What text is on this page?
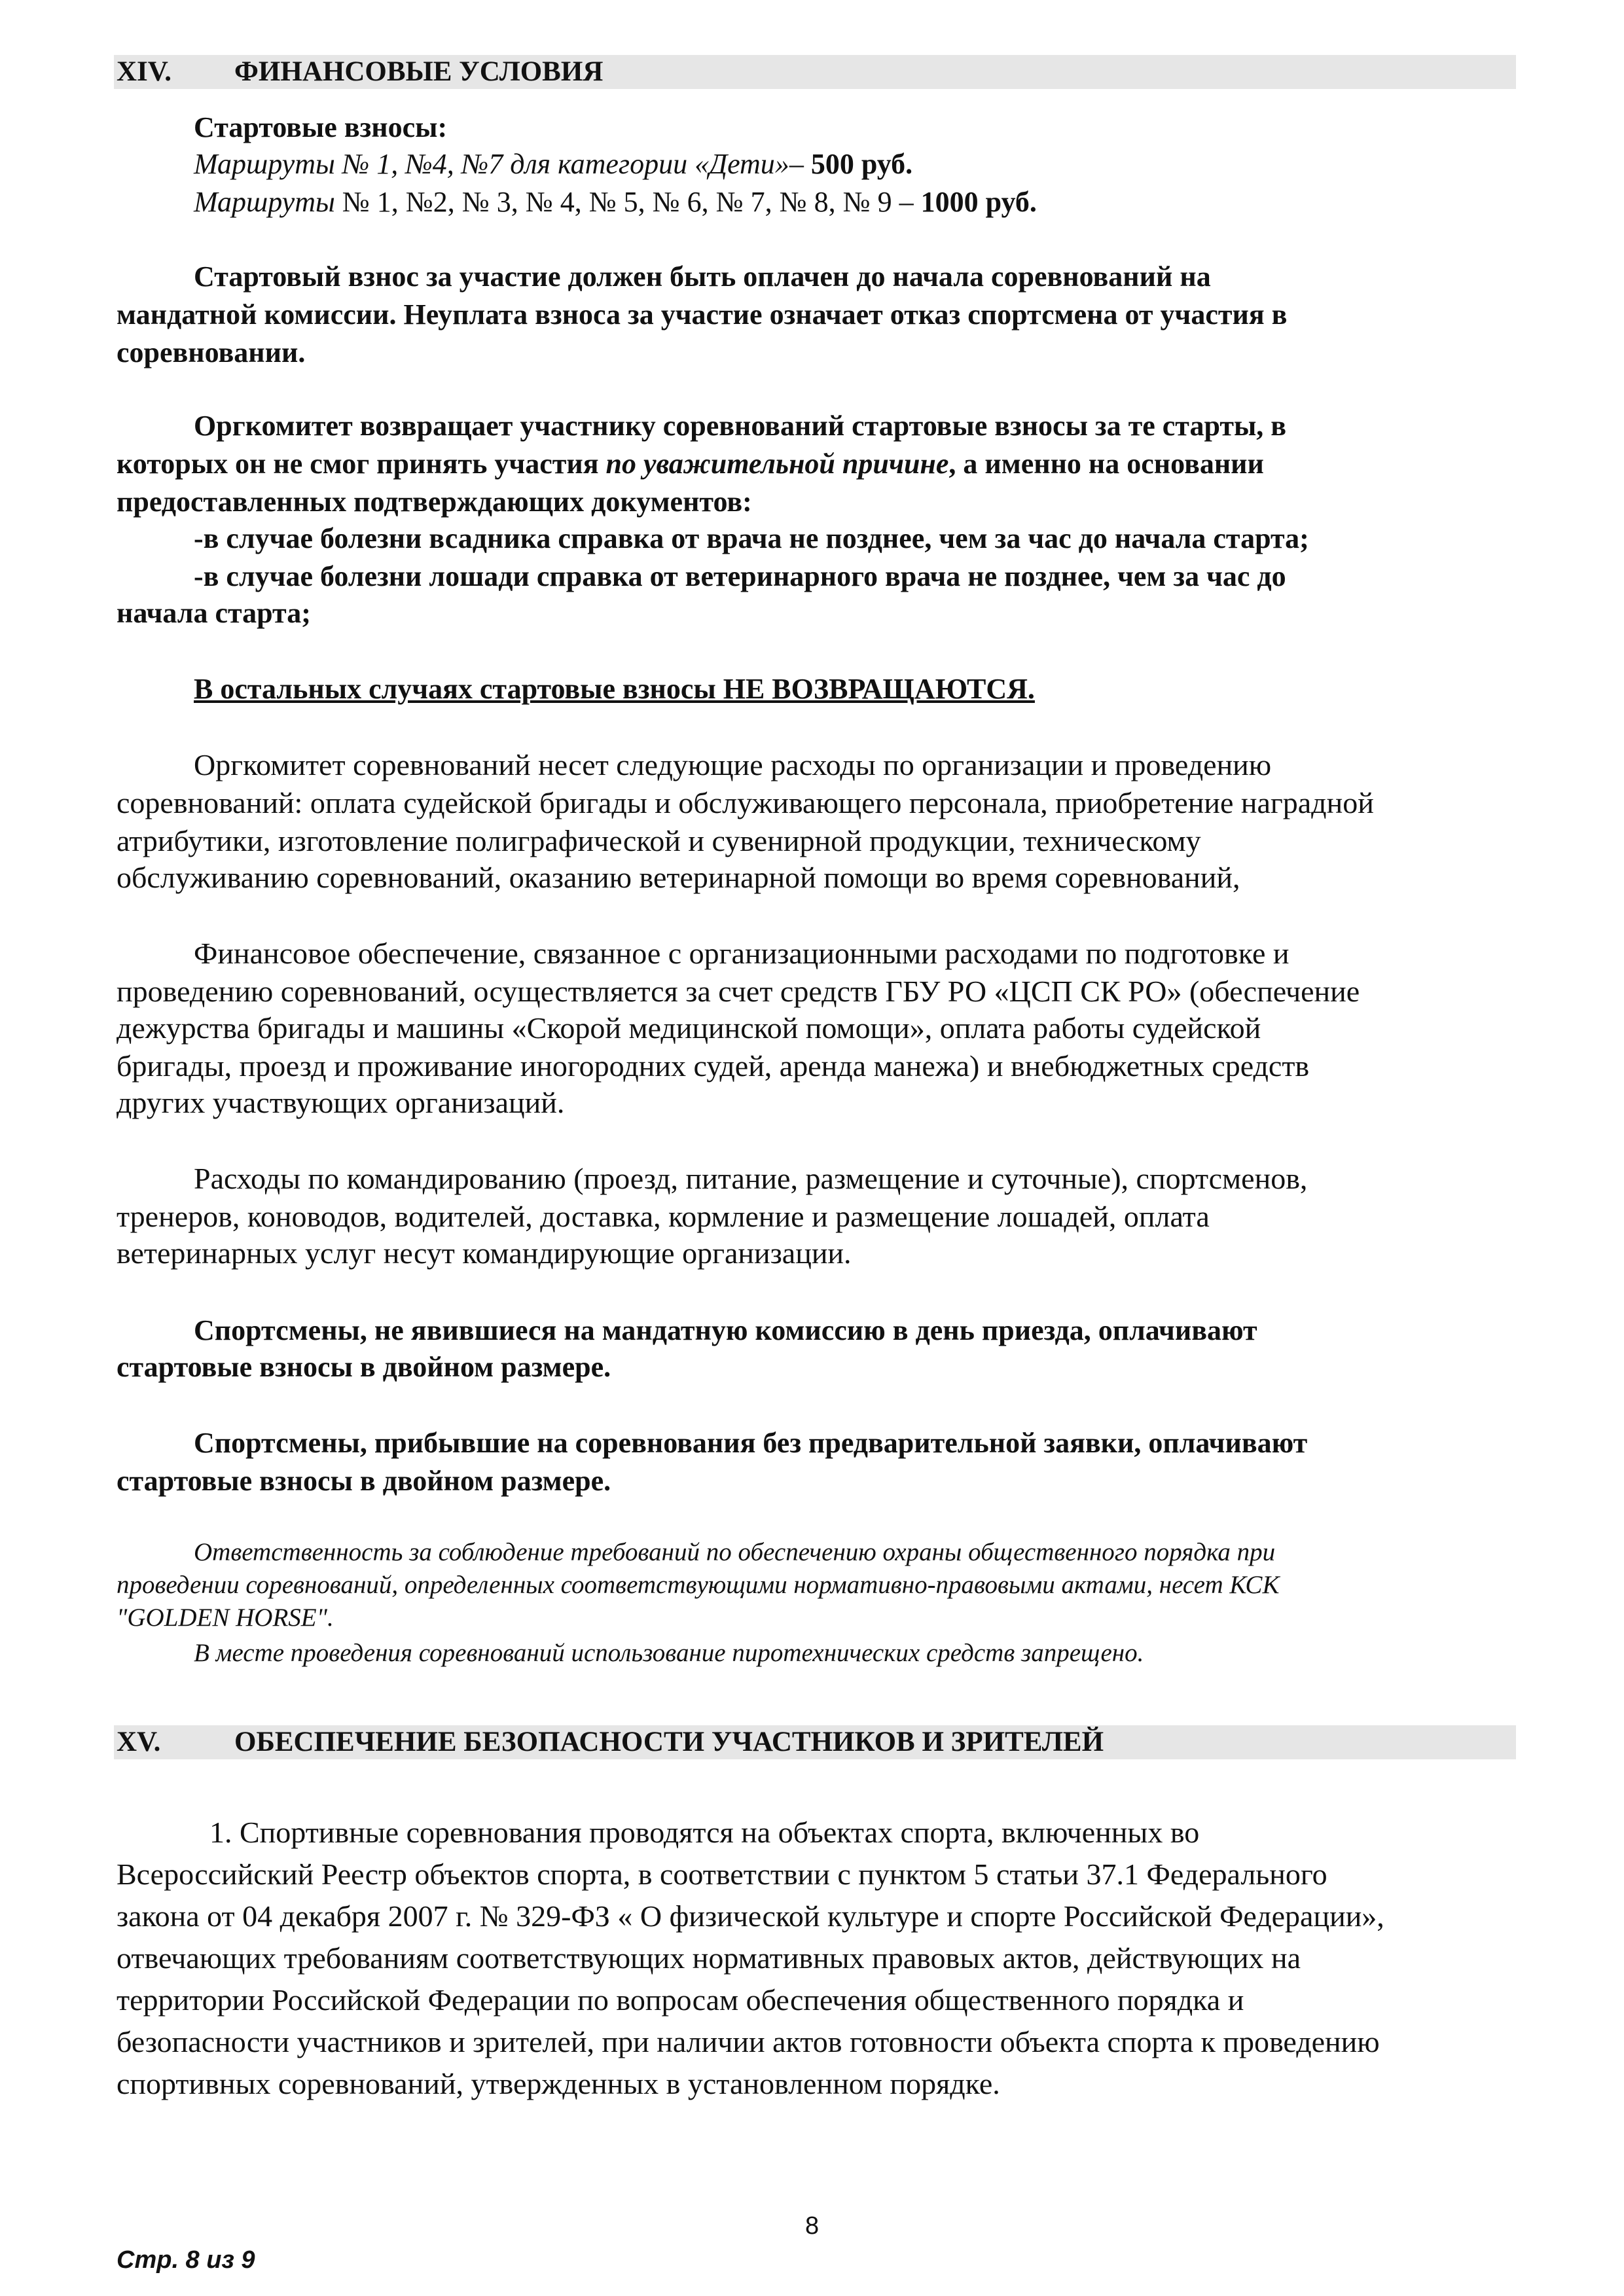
XIV. ФИНАНСОВЫЕ УСЛОВИЯ
Стартовые взносы:
Маршруты № 1, №4, №7 для категории «Дети»– 500 руб.
Маршруты № 1, №2, № 3, № 4, № 5, № 6, № 7, № 8, № 9 – 1000 руб.
Стартовый взнос за участие должен быть оплачен до начала соревнований на
мандатной комиссии. Неуплата взноса за участие означает отказ спортсмена от участия в
соревновании.
Оргкомитет возвращает участнику соревнований стартовые взносы за те старты, в
которых он не смог принять участия по уважительной причине, а именно на основании
предоставленных подтверждающих документов:
-в случае болезни всадника справка от врача не позднее, чем за час до начала старта;
-в случае болезни лошади справка от ветеринарного врача не позднее, чем за час до
начала старта;
В остальных случаях стартовые взносы НЕ ВОЗВРАЩАЮТСЯ.
Оргкомитет соревнований несет следующие расходы по организации и проведению
соревнований: оплата судейской бригады и обслуживающего персонала, приобретение наградной
атрибутики, изготовление полиграфической и сувенирной продукции, техническому
обслуживанию соревнований, оказанию ветеринарной помощи во время соревнований,
Финансовое обеспечение, связанное с организационными расходами по подготовке и
проведению соревнований, осуществляется за счет средств ГБУ РО «ЦСП СК РО» (обеспечение
дежурства бригады и машины «Скорой медицинской помощи», оплата работы судейской
бригады, проезд и проживание иногородних судей, аренда манежа) и внебюджетных средств
других участвующих организаций.
Расходы по командированию (проезд, питание, размещение и суточные), спортсменов,
тренеров, коноводов, водителей, доставка, кормление и размещение лошадей, оплата
ветеринарных услуг несут командирующие организации.
Спортсмены, не явившиеся на мандатную комиссию в день приезда, оплачивают
стартовые взносы в двойном размере.
Спортсмены, прибывшие на соревнования без предварительной заявки, оплачивают
стартовые взносы в двойном размере.
Ответственность за соблюдение требований по обеспечению охраны общественного порядка при
проведении соревнований, определенных соответствующими нормативно-правовыми актами, несет КСК
"GOLDEN HORSE".
В месте проведения соревнований использование пиротехнических средств запрещено.
XV.	ОБЕСПЕЧЕНИЕ БЕЗОПАСНОСТИ УЧАСТНИКОВ И ЗРИТЕЛЕЙ
1. Спортивные соревнования проводятся на объектах спорта, включенных во
Всероссийский Реестр объектов спорта, в соответствии с пунктом 5 статьи 37.1 Федерального
закона от 04 декабря 2007 г. № 329-ФЗ « О физической культуре и спорте Российской Федерации»,
отвечающих требованиям соответствующих нормативных правовых актов, действующих на
территории Российской Федерации по вопросам обеспечения общественного порядка и
безопасности участников и зрителей, при наличии актов готовности объекта спорта к проведению
спортивных соревнований, утвержденных в установленном порядке.
8
Стр. 8 из 9
